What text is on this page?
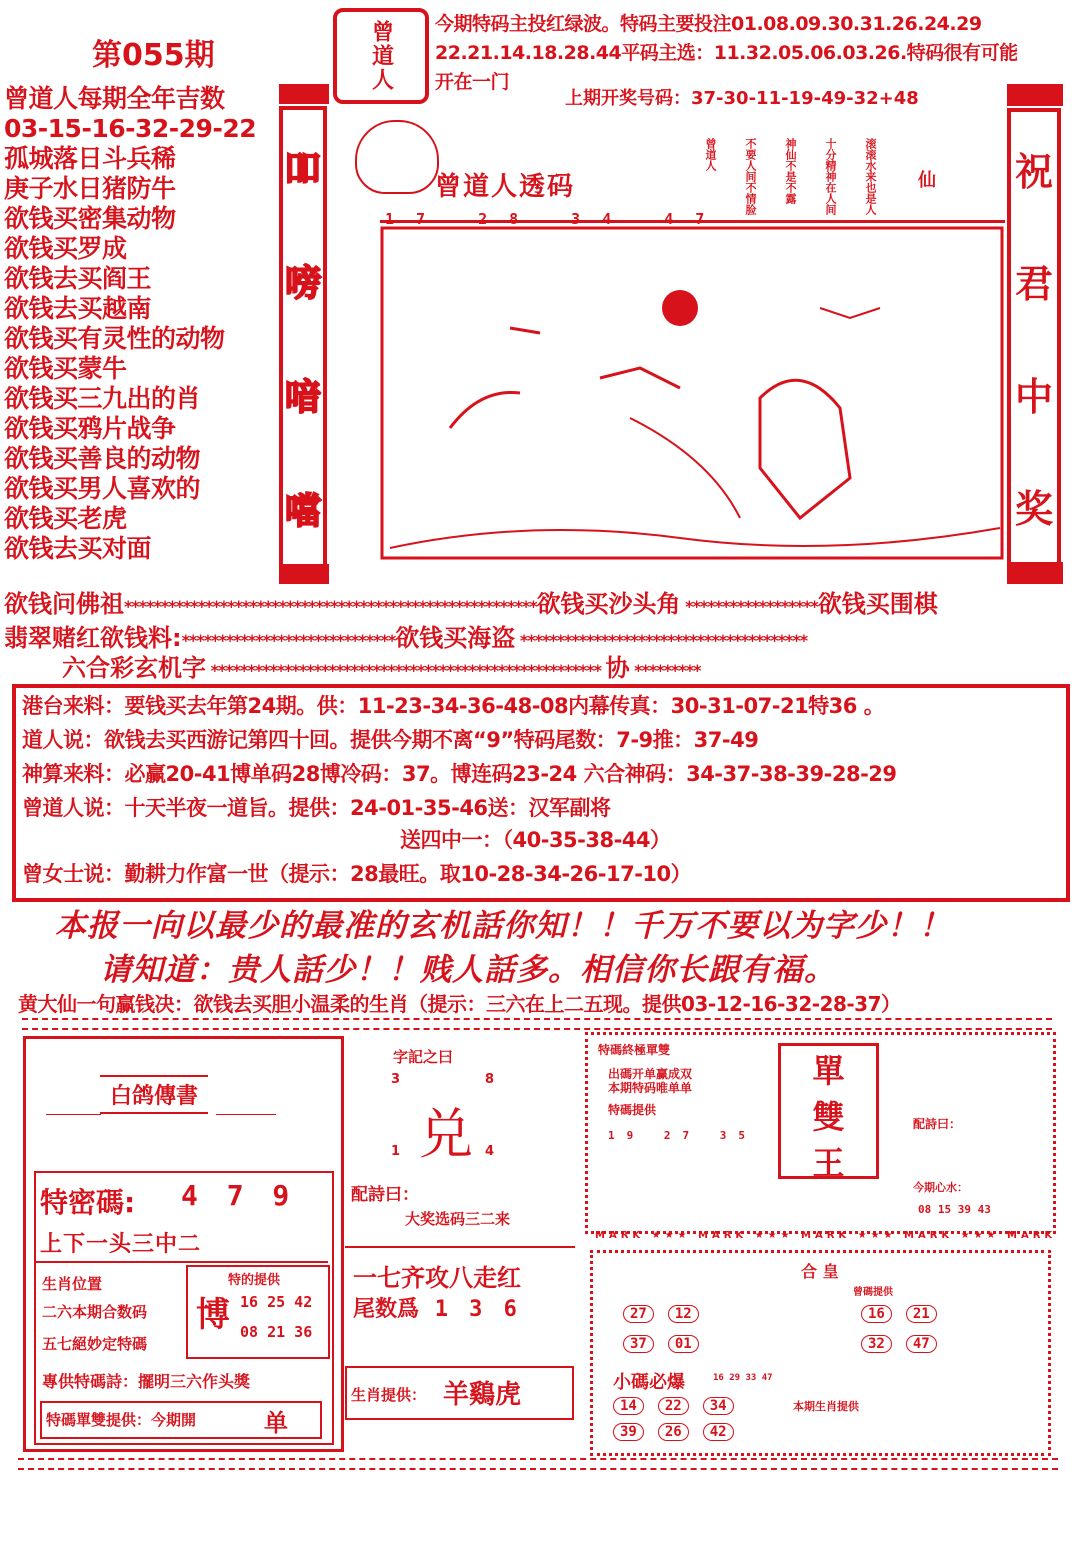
第055期	曾道人 今期特码主投红绿波。特码主要投注01.08.09.30.31.26.24.29
22.21.14.18.28.44平码主选：11.32.05.06.03.26.特码很有可能
开在一门
上期开奖号码：37-30-11-19-49-32+48
曾道人每期全年吉数
03-15-16-32-29-22
孤城落日斗兵稀
庚子水日猪防牛
欲钱买密集动物
欲钱买罗成
欲钱去买阎王
欲钱去买越南
欲钱买有灵性的动物
欲钱买蒙牛
欲钱买三九出的肖
欲钱买鸦片战争
欲钱买善良的动物
欲钱买男人喜欢的
欲钱买老虎
欲钱去买对面
吅
嗙
喑
噹
祝
君
中
奖
曾道人透码	滚滚水来也是人
十分精神在人间
神仙不是不露
不要人间不情脸
曾道人
仙
17 28 34 47
欲钱问佛祖********************************************************欲钱买沙头角 ******************欲钱买围棋
翡翠赌红欲钱料:*****************************欲钱买海盗 ***************************************
六合彩玄机字 ***************************************************** 协 *********
港台来料：要钱买去年第24期。供：11-23-34-36-48-08内幕传真：30-31-07-21特36 。
道人说：欲钱去买西游记第四十回。提供今期不离“9”特码尾数：7-9推：37-49
神算来料：必赢20-41博单码28博冷码：37。博连码23-24 六合神码：34-37-38-39-28-29
曾道人说：十天半夜一道旨。提供：24-01-35-46送：汉军副将
送四中一：（40-35-38-44）
曾女士说：勤耕力作富一世（提示：28最旺。取10-28-34-26-17-10）
本报一向以最少的最准的玄机話你知！！千万不要以为字少！！
请知道：贵人話少！！贱人話多。相信你长跟有福。
黄大仙一句赢钱决：欲钱去买胆小温柔的生肖（提示：三六在上二五现。提供03-12-16-32-28-37）
白鸽傳書
特密碼: 4 7 9
上下一头三中二
生肖位置
二六本期合数码
五七絕妙定特碼
特的提供
博 16 25 42
08 21 36
專供特碼詩：擺明三六作头獎
特碼單雙提供：今期開	单
字記之曰
3	8
兑
1	4
配詩曰：
大奖选码三二来
一七齐攻八走红
尾数爲 1 3 6
生肖提供： 羊鷄虎
特碼終極單雙
出碼开单赢成双
本期特码唯单单
特碼提供
19 27 35
單
雙
王
配詩曰：
今期心水：
08 15 39 43
MARK ★★★ MARK ★★★ MARK ★★★ MARK ★★★ MARK
合 皇
曾碼提供
27 12
37 01
16 21
32 47
小碼必爆	16 29 33 47
14 22 34
39 26 42
本期生肖提供
